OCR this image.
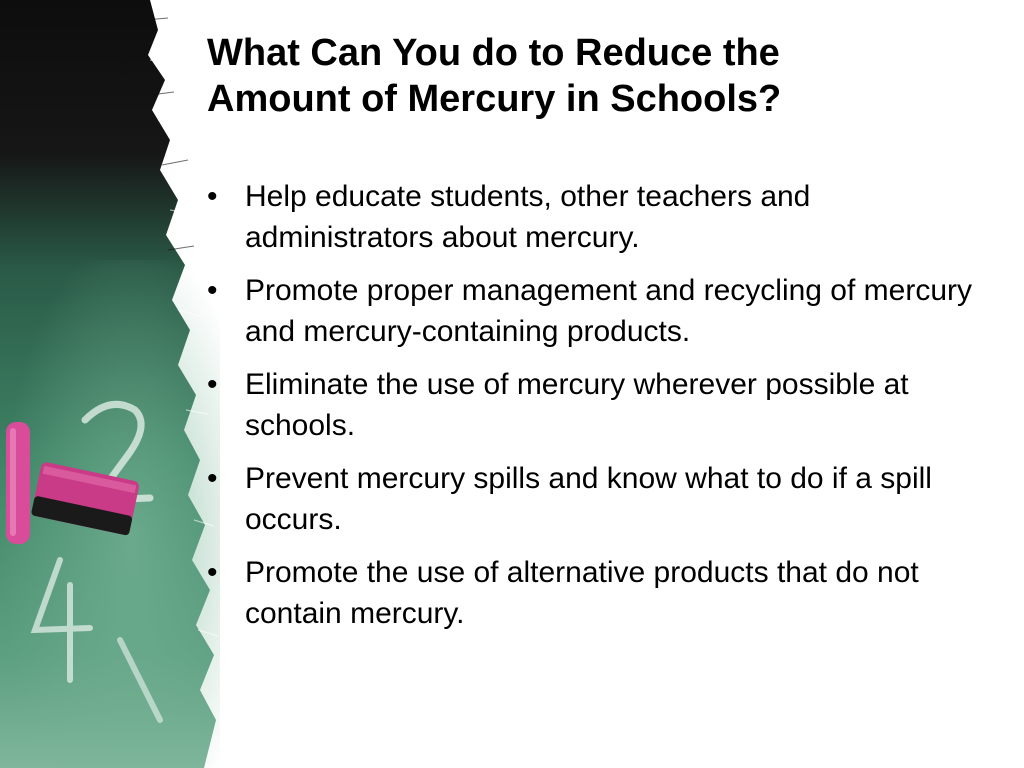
What Can You do to Reduce the
Amount of Mercury in Schools?
• Help educate students, other teachers and administrators about mercury.
• Promote proper management and recycling of mercury and mercury-containing products.
• Eliminate the use of mercury wherever possible at schools.
• Prevent mercury spills and know what to do if a spill occurs.
• Promote the use of alternative products that do not contain mercury.
